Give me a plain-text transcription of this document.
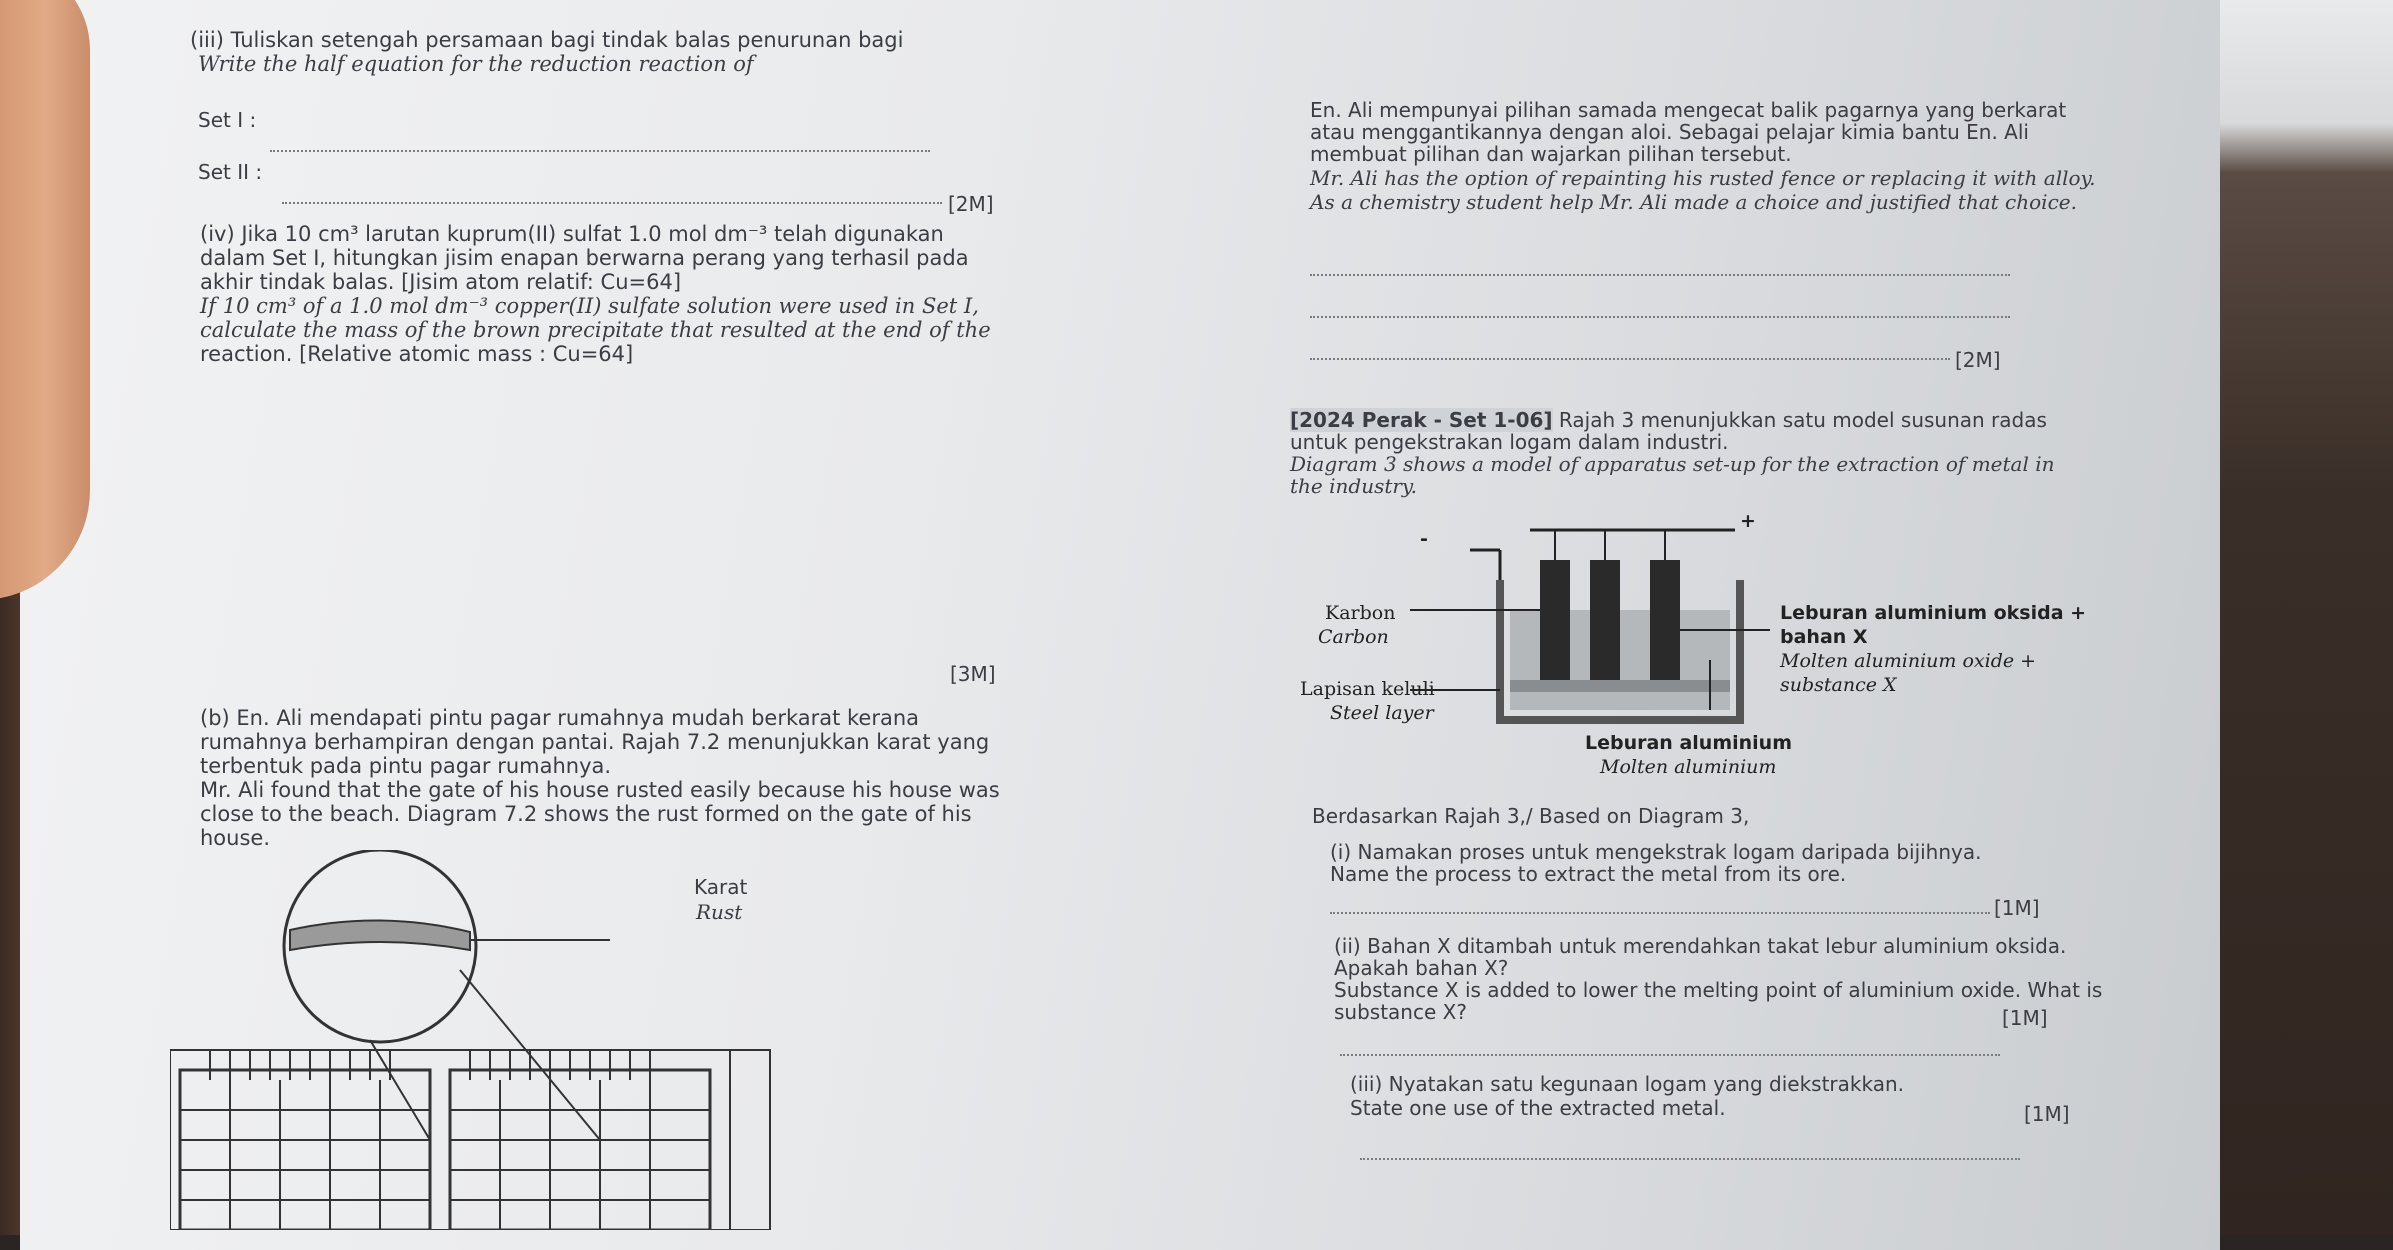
(iii) Tuliskan setengah persamaan bagi tindak balas penurunan bagi
Write the half equation for the reduction reaction of
Set I :
Set II :
[2M]
(iv) Jika 10 cm³ larutan kuprum(II) sulfat 1.0 mol dm⁻³ telah digunakan
dalam Set I, hitungkan jisim enapan berwarna perang yang terhasil pada
akhir tindak balas. [Jisim atom relatif: Cu=64]
If 10 cm³ of a 1.0 mol dm⁻³ copper(II) sulfate solution were used in Set I,
calculate the mass of the brown precipitate that resulted at the end of the
reaction. [Relative atomic mass : Cu=64]
[3M]
(b) En. Ali mendapati pintu pagar rumahnya mudah berkarat kerana
rumahnya berhampiran dengan pantai. Rajah 7.2 menunjukkan karat yang
terbentuk pada pintu pagar rumahnya.
Mr. Ali found that the gate of his house rusted easily because his house was
close to the beach. Diagram 7.2 shows the rust formed on the gate of his
house.
Karat
Rust
En. Ali mempunyai pilihan samada mengecat balik pagarnya yang berkarat
atau menggantikannya dengan aloi. Sebagai pelajar kimia bantu En. Ali
membuat pilihan dan wajarkan pilihan tersebut.
Mr. Ali has the option of repainting his rusted fence or replacing it with alloy.
As a chemistry student help Mr. Ali made a choice and justified that choice.
[2M]
[2024 Perak - Set 1-06] Rajah 3 menunjukkan satu model susunan radas
untuk pengekstrakan logam dalam industri.
Diagram 3 shows a model of apparatus set-up for the extraction of metal in
the industry.
-
+
Karbon
Carbon
Lapisan keluli
Steel layer
Leburan aluminium oksida +
bahan X
Molten aluminium oxide +
substance X
Leburan aluminium
Molten aluminium
Berdasarkan Rajah 3,/ Based on Diagram 3,
(i) Namakan proses untuk mengekstrak logam daripada bijihnya.
Name the process to extract the metal from its ore.
[1M]
(ii) Bahan X ditambah untuk merendahkan takat lebur aluminium oksida.
Apakah bahan X?
Substance X is added to lower the melting point of aluminium oxide. What is
substance X?	[1M]
(iii) Nyatakan satu kegunaan logam yang diekstrakkan.
State one use of the extracted metal.	[1M]
